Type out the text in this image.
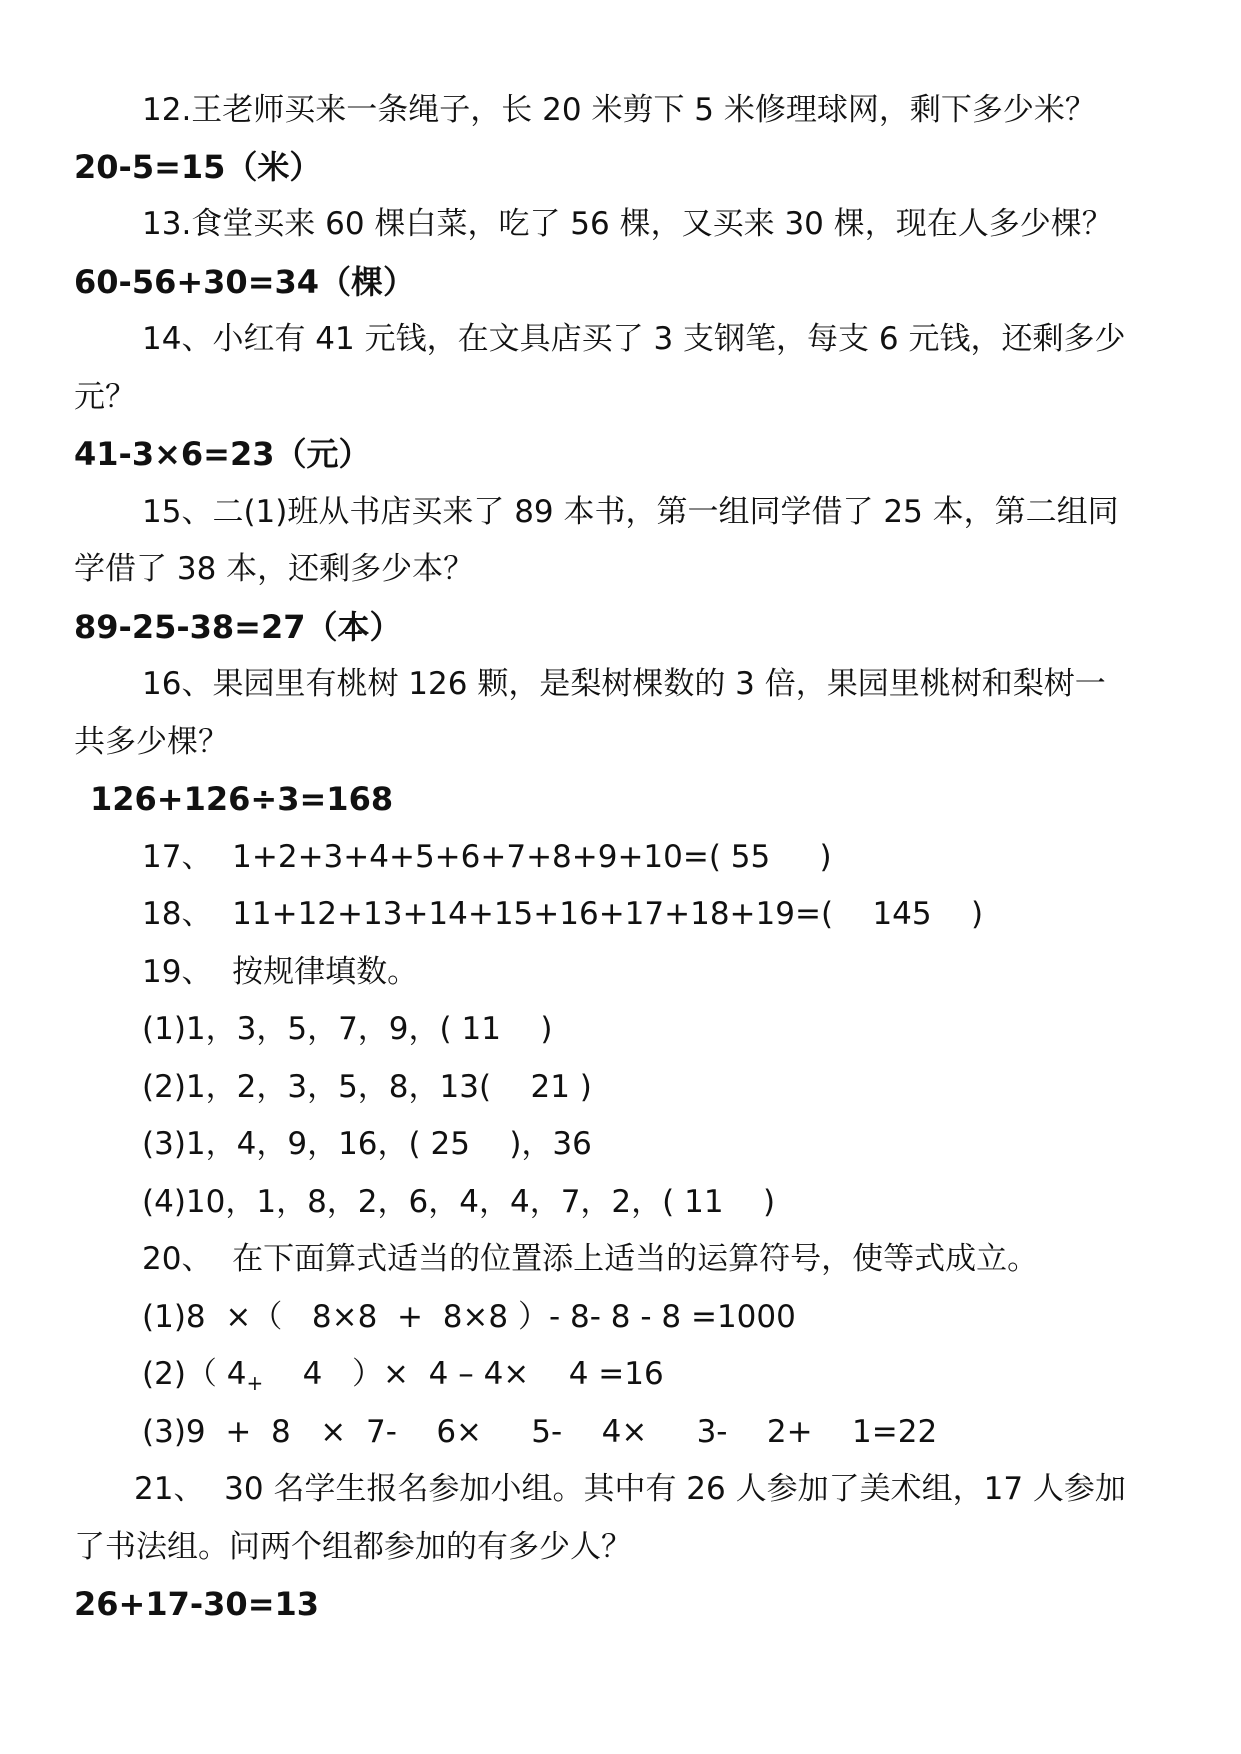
12.王老师买来一条绳子，长 20 米剪下 5 米修理球网，剩下多少米？
20-5=15（米）
13.食堂买来 60 棵白菜，吃了 56 棵，又买来 30 棵，现在人多少棵？
60-56+30=34（棵）
14、小红有 41 元钱，在文具店买了 3 支钢笔，每支 6 元钱，还剩多少
元？
41-3×6=23（元）
15、二(1)班从书店买来了 89 本书，第一组同学借了 25 本，第二组同
学借了 38 本，还剩多少本？
89-25-38=27（本）
16、果园里有桃树 126 颗，是梨树棵数的 3 倍，果园里桃树和梨树一
共多少棵？
126+126÷3=168
17、  1+2+3+4+5+6+7+8+9+10=( 55     )
18、  11+12+13+14+15+16+17+18+19=(    145    )
19、  按规律填数。
(1)1，3，5，7，9，( 11    )
(2)1，2，3，5，8，13(    21 )
(3)1，4，9，16，( 25    )，36
(4)10，1，8，2，6，4，4，7，2，( 11    )
20、  在下面算式适当的位置添上适当的运算符号，使等式成立。
(1)8  ×（   8×8  +  8×8 ）- 8- 8 - 8 =1000
(2)（ $4_+$    4   ）×  4 – 4×    4 =16
(3)9  +  8   ×  7-    6×     5-    4×     3-    2+    1=22
21、  30 名学生报名参加小组。其中有 26 人参加了美术组，17 人参加
了书法组。问两个组都参加的有多少人？
26+17-30=13
